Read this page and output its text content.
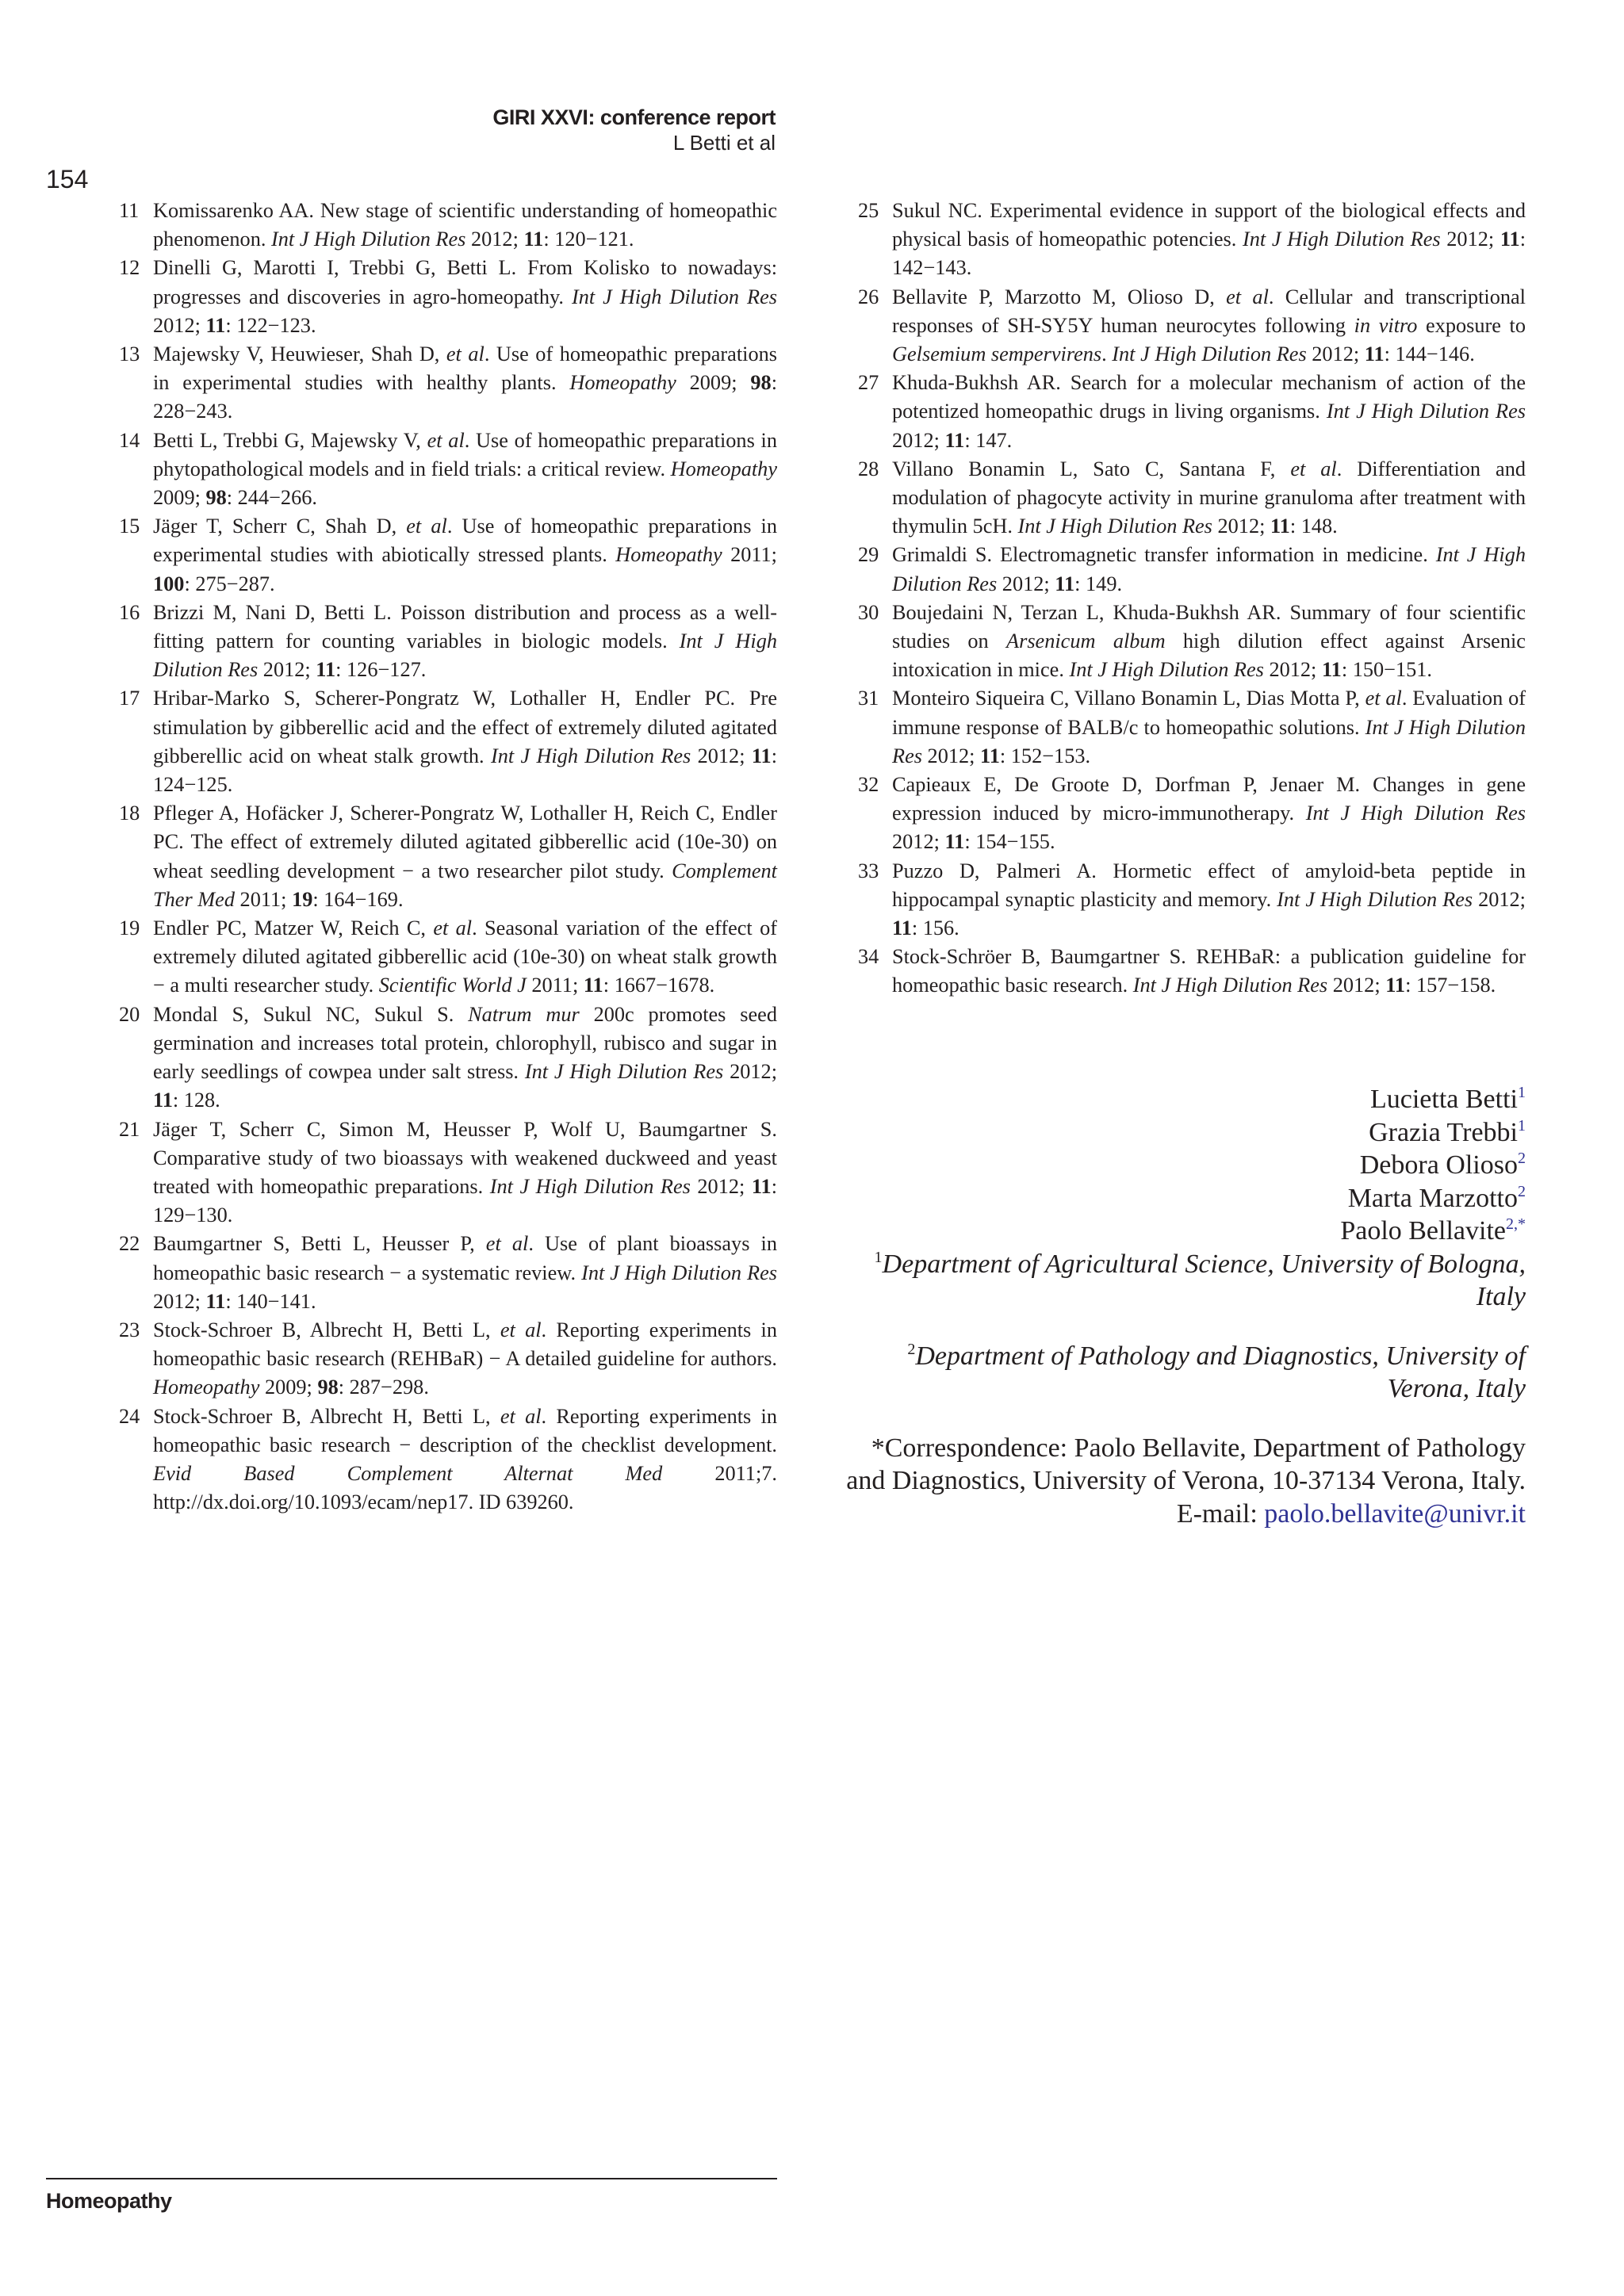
GIRI XXVI: conference report
L Betti et al
154
11 Komissarenko AA. New stage of scientific understanding of homeopathic phenomenon. Int J High Dilution Res 2012; 11: 120−121.
12 Dinelli G, Marotti I, Trebbi G, Betti L. From Kolisko to nowadays: progresses and discoveries in agro-homeopathy. Int J High Dilution Res 2012; 11: 122−123.
13 Majewsky V, Heuwieser, Shah D, et al. Use of homeopathic preparations in experimental studies with healthy plants. Homeopathy 2009; 98: 228−243.
14 Betti L, Trebbi G, Majewsky V, et al. Use of homeopathic preparations in phytopathological models and in field trials: a critical review. Homeopathy 2009; 98: 244−266.
15 Jäger T, Scherr C, Shah D, et al. Use of homeopathic preparations in experimental studies with abiotically stressed plants. Homeopathy 2011; 100: 275−287.
16 Brizzi M, Nani D, Betti L. Poisson distribution and process as a well-fitting pattern for counting variables in biologic models. Int J High Dilution Res 2012; 11: 126−127.
17 Hribar-Marko S, Scherer-Pongratz W, Lothaller H, Endler PC. Pre stimulation by gibberellic acid and the effect of extremely diluted agitated gibberellic acid on wheat stalk growth. Int J High Dilution Res 2012; 11: 124−125.
18 Pfleger A, Hofäcker J, Scherer-Pongratz W, Lothaller H, Reich C, Endler PC. The effect of extremely diluted agitated gibberellic acid (10e-30) on wheat seedling development − a two researcher pilot study. Complement Ther Med 2011; 19: 164−169.
19 Endler PC, Matzer W, Reich C, et al. Seasonal variation of the effect of extremely diluted agitated gibberellic acid (10e-30) on wheat stalk growth − a multi researcher study. Scientific World J 2011; 11: 1667−1678.
20 Mondal S, Sukul NC, Sukul S. Natrum mur 200c promotes seed germination and increases total protein, chlorophyll, rubisco and sugar in early seedlings of cowpea under salt stress. Int J High Dilution Res 2012; 11: 128.
21 Jäger T, Scherr C, Simon M, Heusser P, Wolf U, Baumgartner S. Comparative study of two bioassays with weakened duckweed and yeast treated with homeopathic preparations. Int J High Dilution Res 2012; 11: 129−130.
22 Baumgartner S, Betti L, Heusser P, et al. Use of plant bioassays in homeopathic basic research − a systematic review. Int J High Dilution Res 2012; 11: 140−141.
23 Stock-Schroer B, Albrecht H, Betti L, et al. Reporting experiments in homeopathic basic research (REHBaR) − A detailed guideline for authors. Homeopathy 2009; 98: 287−298.
24 Stock-Schroer B, Albrecht H, Betti L, et al. Reporting experiments in homeopathic basic research − description of the checklist development. Evid Based Complement Alternat Med 2011;7. http://dx.doi.org/10.1093/ecam/nep17. ID 639260.
25 Sukul NC. Experimental evidence in support of the biological effects and physical basis of homeopathic potencies. Int J High Dilution Res 2012; 11: 142−143.
26 Bellavite P, Marzotto M, Olioso D, et al. Cellular and transcriptional responses of SH-SY5Y human neurocytes following in vitro exposure to Gelsemium sempervirens. Int J High Dilution Res 2012; 11: 144−146.
27 Khuda-Bukhsh AR. Search for a molecular mechanism of action of the potentized homeopathic drugs in living organisms. Int J High Dilution Res 2012; 11: 147.
28 Villano Bonamin L, Sato C, Santana F, et al. Differentiation and modulation of phagocyte activity in murine granuloma after treatment with thymulin 5cH. Int J High Dilution Res 2012; 11: 148.
29 Grimaldi S. Electromagnetic transfer information in medicine. Int J High Dilution Res 2012; 11: 149.
30 Boujedaini N, Terzan L, Khuda-Bukhsh AR. Summary of four scientific studies on Arsenicum album high dilution effect against Arsenic intoxication in mice. Int J High Dilution Res 2012; 11: 150−151.
31 Monteiro Siqueira C, Villano Bonamin L, Dias Motta P, et al. Evaluation of immune response of BALB/c to homeopathic solutions. Int J High Dilution Res 2012; 11: 152−153.
32 Capieaux E, De Groote D, Dorfman P, Jenaer M. Changes in gene expression induced by micro-immunotherapy. Int J High Dilution Res 2012; 11: 154−155.
33 Puzzo D, Palmeri A. Hormetic effect of amyloid-beta peptide in hippocampal synaptic plasticity and memory. Int J High Dilution Res 2012; 11: 156.
34 Stock-Schröer B, Baumgartner S. REHBaR: a publication guideline for homeopathic basic research. Int J High Dilution Res 2012; 11: 157−158.
Lucietta Betti$^1$
Grazia Trebbi$^1$
Debora Olioso$^2$
Marta Marzotto$^2$
Paolo Bellavite$^{2,*}$
$^1$Department of Agricultural Science, University of Bologna, Italy
$^2$Department of Pathology and Diagnostics, University of Verona, Italy
*Correspondence: Paolo Bellavite, Department of Pathology and Diagnostics, University of Verona, 10-37134 Verona, Italy.
E-mail: paolo.bellavite@univr.it
Homeopathy
